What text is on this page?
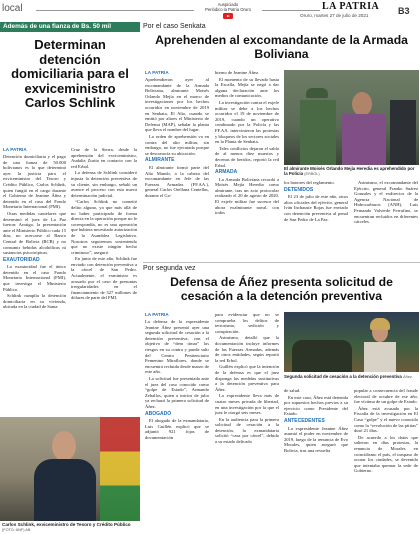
local	Auspiciado
Periódico la Patria Oruro	LA PATRIA
Oruro, martes 27 de julio de 2021	B3
Además de una fianza de Bs. 50 mil
Determinan detención domiciliaria para el exviceministro Carlos Schlink
LA PATRIA

Detención domiciliaria y el pago de una fianza de 50.000 bolivianos es lo que determinó ayer la justicia para el exviceministro del Tesoro y Crédito Público, Carlos Schlink, quien fungió en el cargo durante el Gobierno de Jeanine Áñez y detenido en el caso del Fondo Monetario Internacional (FMI).

Otras medidas cautelares que determinó el juez de La Paz fueron: Arraigo, la presentación ante el Ministerio Público cada 15 días, no acercarse al Banco Central de Bolivia (BCB) y no consumir bebidas alcohólicas ni sustancias psicotrópicas.

EXAUTORIDAD

La exautoridad fue el único detenido en el caso Fondo Monetario Internacional (FMI), que investiga el Ministerio Público.

Schlink cumplía la detención domiciliaria en su vivienda, ubicada en la ciudad de Santa

Cruz de la Sierra, desde la aprehensión del exviceministro, Audalia Zurita en contacto con la red Erbol.

La defensa de Schlink consideró injusta la detención preventiva de su cliente, sin embargo, señaló un avance el proceso con esta nueva determinación judicial.

“Carlos Schlink no cometió delito alguno, ya que más allá de no haber participado de forma directa en la operación porque no le correspondía, no es una operación que hubiera necesitado autorización de la Asamblea Legislativa. Nosotros seguiremos sosteniendo que no existe ningún hecho criminoso”, aseguró.

En junio de este año, Schlink fue enviado con detención preventiva a la cárcel de San Pedro. Actualmente, el exministro es acusado por el caso de presuntas irregularidades en el financiamiento de 327 millones de dólares de parte del FMI.

Carlos Schlink, exviceministro de Tesoro y Crédito Público (FOTO: ANF) AB
Por el caso Senkata
Aprehenden al excomandante de la Armada Boliviana
LA PATRIA

Aprehendieron ayer al excomandante de la Armada Boliviana, almirante Moisés Orlando Mejía en el marco de investigaciones por los hechos ocurridos en noviembre de 2019 en Senkata, El Alto, cuando se emitió por altoes el Ministerio de Defensa (MAP), señalar la planta que lleva el nombre del lugar.

La orden de aprehensión va en contra del alto militar, sin embargo, no fue ejecutada porque se desconocía su ubicación.

ALMIRANTE

El almirante formó parte del Alto Mando, a la cabeza del excomandante en Jefe de las Fuerzas Armadas (FF.AA.), general Carlos Orellana Centellas, durante el Go-

bierno de Jeanine Áñez.

El momento de su llevado hasta la Escalla, Mejía se negó a dar alguna declaración ante los medios de comunicación.

La investigación contra el exjefe militar se debe a los hechos ocurridos el 19 de noviembre de 2019, cuando un operativo combinado por la Policía y las FF.AA. intervinieron las protestas y bloqueos de los sectores sociales en la Planta de Senkata.

Tales conflictos dejaron el saldo de al menos diez muertos y decenas de heridos, reportó la red Erbol.

ARMADA

La Armada Boliviana recordó a Moisés Mejía Heredia como almirante, tras un acto protocolar realizado el 20 de agosto de 2020. El exjefe militar fue sucesor del ahora exalmirante naval, con todos

El almirante Moisés Orlando Mejía Heredia es aprehendido por la Policía (ERBOL)

los honores del reglamento.

DETENIDOS

El 23 de julio de este año, otros altos oficiales del ejército, general Iván Inchauste Rojas fue enviado con detención preventiva al penal de San Pedro de La Paz.

Asimismo, el excomandante del Ejército, general Franko Suárez Gonzales y el exdirector de la Agencia Nacional de Hidrocarburos (ANH), Luis Fernando Valverde Ferrufino, se encuentran recluidos en diferentes cárceles.

Por segunda vez
Defensa de Áñez presenta solicitud de cesación a la detención preventiva
LA PATRIA

La defensa de la expresidente Jeanine Áñez presentó ayer una segunda solicitud de cesación a la detención preventiva, con el objetivo de “dem timar” los riesgos en su contra y pueda salir del Centro Penitenciario Femenino Miraflores, donde se encuentra recluida desde marzo de este año.

La solicitud fue presentada ante el juez del caso conocido como “golpe de Estado”, Armando Zeballos, quien a inicios de julio ya rechazó la primera solicitud de Áñez.

ABOGADO

El abogado de la exmandataria, Luis Guillén explicó que se adjuntó 921 fojas de documentación

para evidenciar que no se comprueba los delitos de terrorismo, sedición y conspiración.

Asimismo, detalló que la documentación incluye informes de las Fuerzas Armadas, además de otros entidades, según reportó la red Erbol.

Guillén explicó que la intención de la defensa es que el juez disponga las medidas sustitutivas a la detención preventiva para Áñez.

La expresidente lleva más de cuatro meses privada de libertad, en una investigación por la que el juez le otorgó seis meses.

En la audiencia para la primera solicitud de cesación a la detención, la exmandataria solicitó “casa por cárcel”, debido a su estado delicado

Segunda solicitud de cesación a la detención preventiva Áñez.

de salud.

En este caso, Áñez está detenida por supuestos hechos previos a su ejercicio como Presidente del Estado.

ANTECEDENTES

La expresidente Jeanine Áñez asumió el poder en noviembre de 2019, luego de la renuncia de Evo Morales, quien aseguró que Bolivia, tras una revuelta

popular a consecuencia del fraude electoral de octubre de ese año, fue víctima de un golpe de Estado.

Áñez está acusada por la Fiscalía de la investigación en El Caso “golpe” y el nuevo conocido como la “revolución de las pititas” duró 21 días.

De acuerdo a los datos que salieron en días protestas, la renuncia de Morales en coincidismo el país, el traspaso de ocurar los ciudades, se devenido que intentaba quemar la sede de Gobierno.
